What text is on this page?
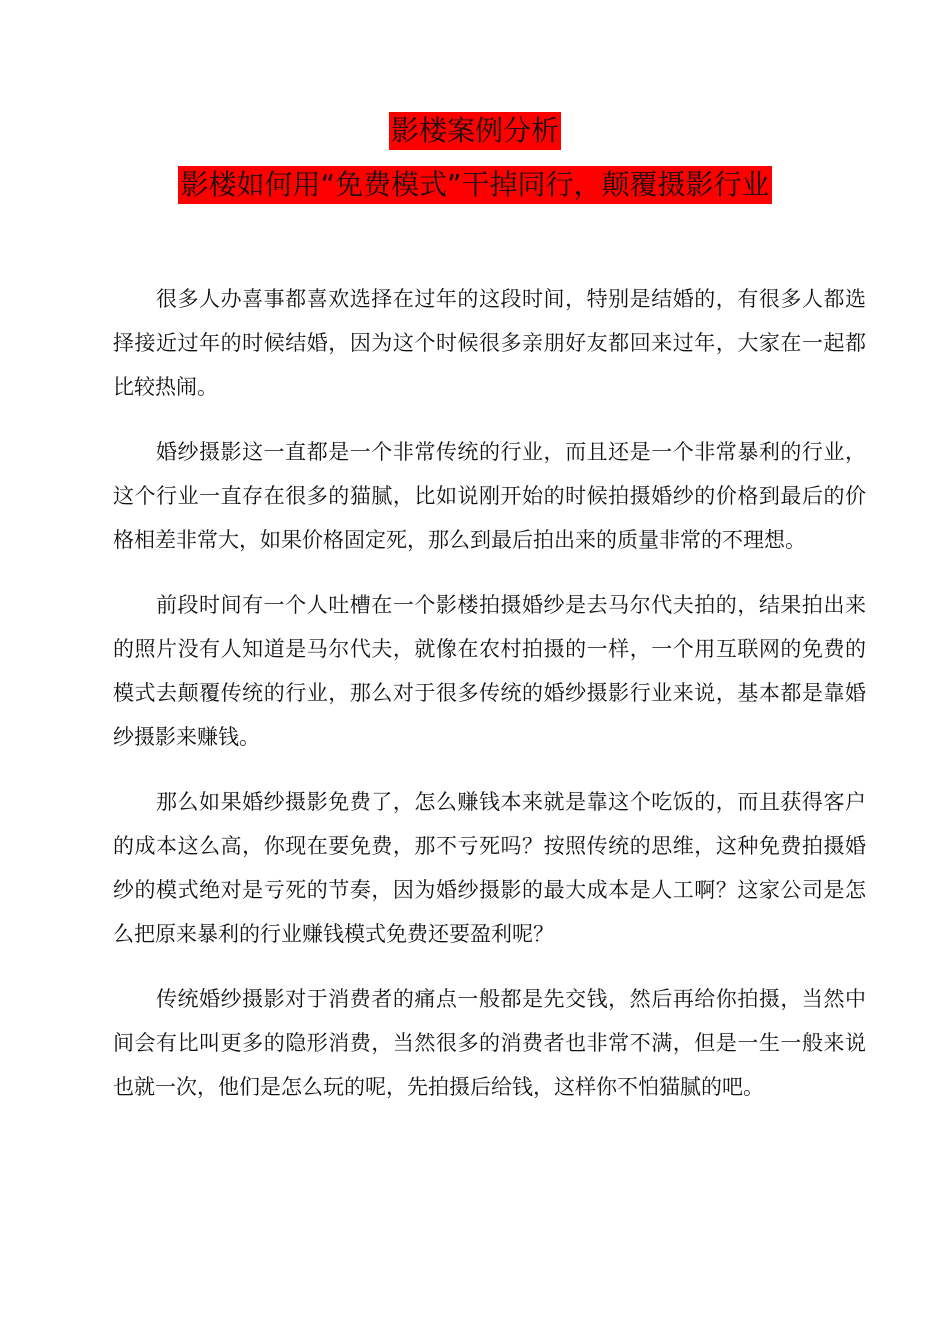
影楼案例分析
影楼如何用“免费模式”干掉同行，颠覆摄影行业

很多人办喜事都喜欢选择在过年的这段时间，特别是结婚的，有很多人都选择接近过年的时候结婚，因为这个时候很多亲朋好友都回来过年，大家在一起都比较热闹。

婚纱摄影这一直都是一个非常传统的行业，而且还是一个非常暴利的行业，这个行业一直存在很多的猫腻，比如说刚开始的时候拍摄婚纱的价格到最后的价格相差非常大，如果价格固定死，那么到最后拍出来的质量非常的不理想。

前段时间有一个人吐槽在一个影楼拍摄婚纱是去马尔代夫拍的，结果拍出来的照片没有人知道是马尔代夫，就像在农村拍摄的一样，一个用互联网的免费的模式去颠覆传统的行业，那么对于很多传统的婚纱摄影行业来说，基本都是靠婚纱摄影来赚钱。

那么如果婚纱摄影免费了，怎么赚钱本来就是靠这个吃饭的，而且获得客户的成本这么高，你现在要免费，那不亏死吗？按照传统的思维，这种免费拍摄婚纱的模式绝对是亏死的节奏，因为婚纱摄影的最大成本是人工啊？这家公司是怎么把原来暴利的行业赚钱模式免费还要盈利呢？

传统婚纱摄影对于消费者的痛点一般都是先交钱，然后再给你拍摄，当然中间会有比叫更多的隐形消费，当然很多的消费者也非常不满，但是一生一般来说也就一次，他们是怎么玩的呢，先拍摄后给钱，这样你不怕猫腻的吧。
